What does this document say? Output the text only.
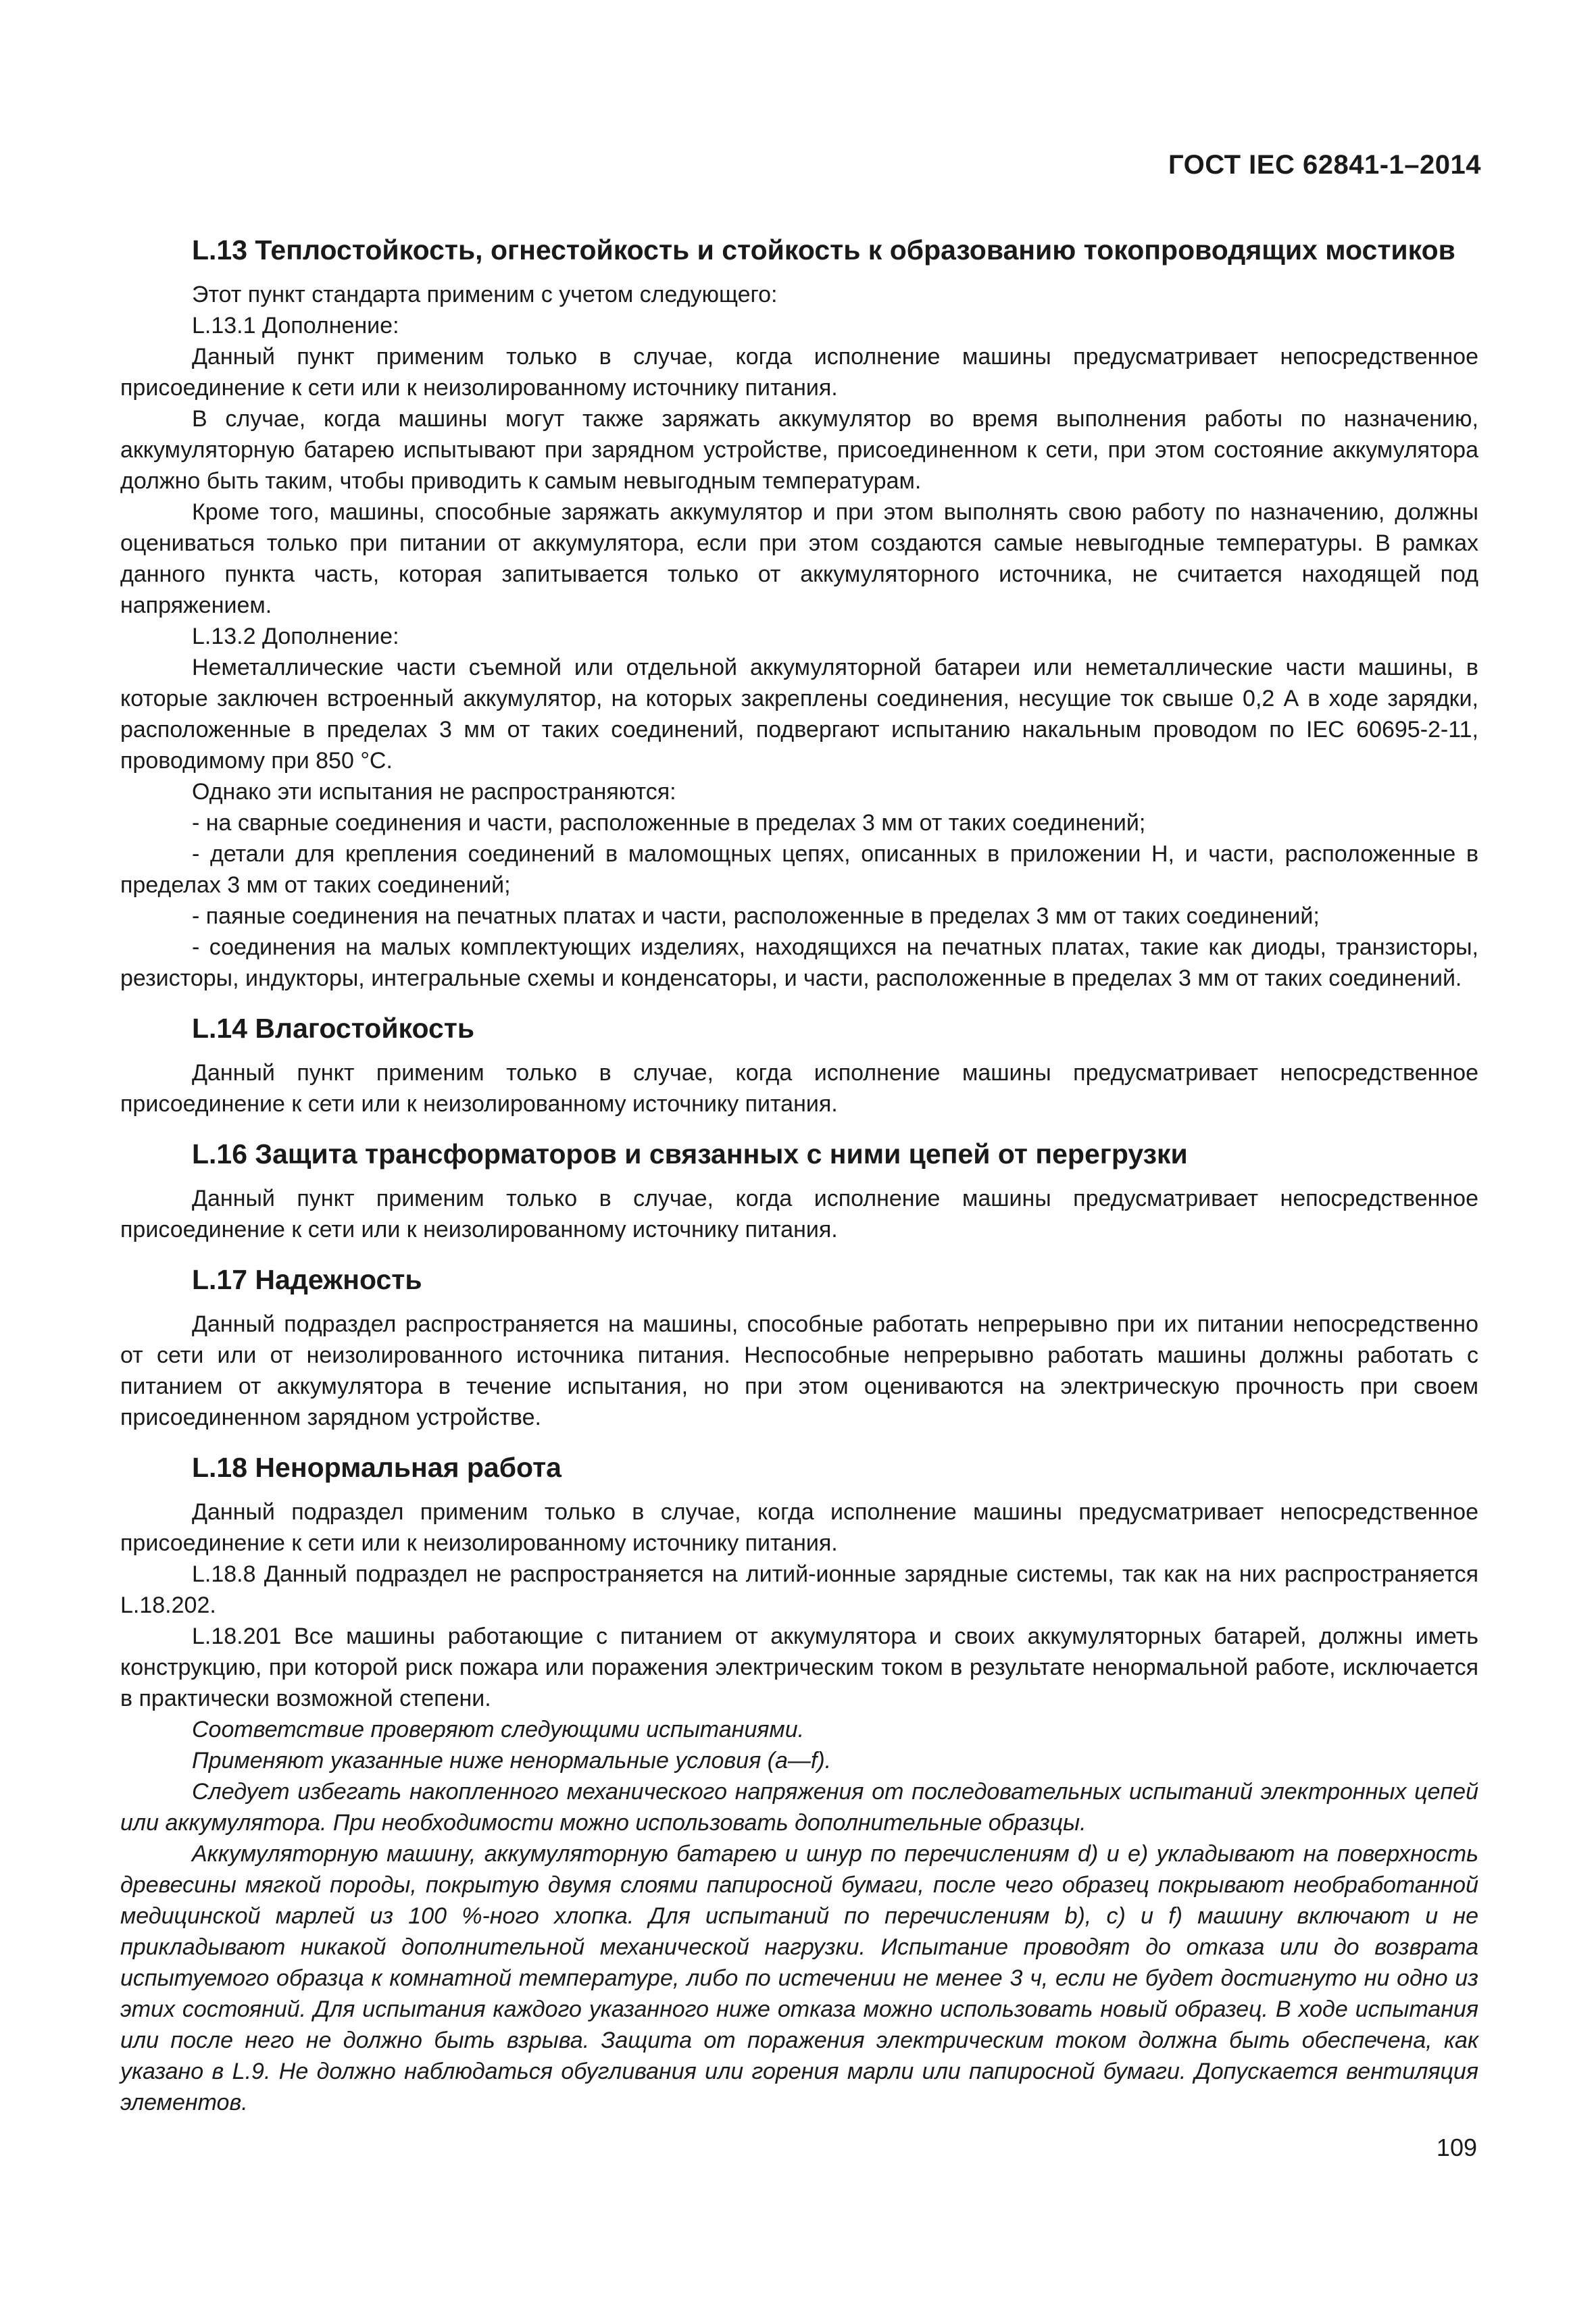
ГОСТ IEC 62841-1–2014
L.13 Теплостойкость, огнестойкость и стойкость к образованию токопроводящих мостиков

Этот пункт стандарта применим с учетом следующего:

L.13.1 Дополнение:

Данный пункт применим только в случае, когда исполнение машины предусматривает непосредственное присоединение к сети или к неизолированному источнику питания.

В случае, когда машины могут также заряжать аккумулятор во время выполнения работы по назначению, аккумуляторную батарею испытывают при зарядном устройстве, присоединенном к сети, при этом состояние аккумулятора должно быть таким, чтобы приводить к самым невыгодным температурам.

Кроме того, машины, способные заряжать аккумулятор и при этом выполнять свою работу по назначению, должны оцениваться только при питании от аккумулятора, если при этом создаются самые невыгодные температуры. В рамках данного пункта часть, которая запитывается только от аккумуляторного источника, не считается находящей под напряжением.

L.13.2 Дополнение:

Неметаллические части съемной или отдельной аккумуляторной батареи или неметаллические части машины, в которые заключен встроенный аккумулятор, на которых закреплены соединения, несущие ток свыше 0,2 А в ходе зарядки, расположенные в пределах 3 мм от таких соединений, подвергают испытанию накальным проводом по IEC 60695-2-11, проводимому при 850 °С.

Однако эти испытания не распространяются:

- на сварные соединения и части, расположенные в пределах 3 мм от таких соединений;

- детали для крепления соединений в маломощных цепях, описанных в приложении Н, и части, расположенные в пределах 3 мм от таких соединений;

- паяные соединения на печатных платах и части, расположенные в пределах 3 мм от таких соединений;

- соединения на малых комплектующих изделиях, находящихся на печатных платах, такие как диоды, транзисторы, резисторы, индукторы, интегральные схемы и конденсаторы, и части, расположенные в пределах 3 мм от таких соединений.

L.14 Влагостойкость

Данный пункт применим только в случае, когда исполнение машины предусматривает непосредственное присоединение к сети или к неизолированному источнику питания.

L.16 Защита трансформаторов и связанных с ними цепей от перегрузки

Данный пункт применим только в случае, когда исполнение машины предусматривает непосредственное присоединение к сети или к неизолированному источнику питания.

L.17 Надежность

Данный подраздел распространяется на машины, способные работать непрерывно при их питании непосредственно от сети или от неизолированного источника питания. Неспособные непрерывно работать машины должны работать с питанием от аккумулятора в течение испытания, но при этом оцениваются на электрическую прочность при своем присоединенном зарядном устройстве.

L.18 Ненормальная работа

Данный подраздел применим только в случае, когда исполнение машины предусматривает непосредственное присоединение к сети или к неизолированному источнику питания.

L.18.8 Данный подраздел не распространяется на литий-ионные зарядные системы, так как на них распространяется L.18.202.

L.18.201 Все машины работающие с питанием от аккумулятора и своих аккумуляторных батарей, должны иметь конструкцию, при которой риск пожара или поражения электрическим током в результате ненормальной работе, исключается в практически возможной степени.

Соответствие проверяют следующими испытаниями.

Применяют указанные ниже ненормальные условия (a—f).

Следует избегать накопленного механического напряжения от последовательных испытаний электронных цепей или аккумулятора. При необходимости можно использовать дополнительные образцы.

Аккумуляторную машину, аккумуляторную батарею и шнур по перечислениям d) и e) укладывают на поверхность древесины мягкой породы, покрытую двумя слоями папиросной бумаги, после чего образец покрывают необработанной медицинской марлей из 100 %-ного хлопка. Для испытаний по перечислениям b), c) и f) машину включают и не прикладывают никакой дополнительной механической нагрузки. Испытание проводят до отказа или до возврата испытуемого образца к комнатной температуре, либо по истечении не менее 3 ч, если не будет достигнуто ни одно из этих состояний. Для испытания каждого указанного ниже отказа можно использовать новый образец. В ходе испытания или после него не должно быть взрыва. Защита от поражения электрическим током должна быть обеспечена, как указано в L.9. Не должно наблюдаться обугливания или горения марли или папиросной бумаги. Допускается вентиляция элементов.

109
